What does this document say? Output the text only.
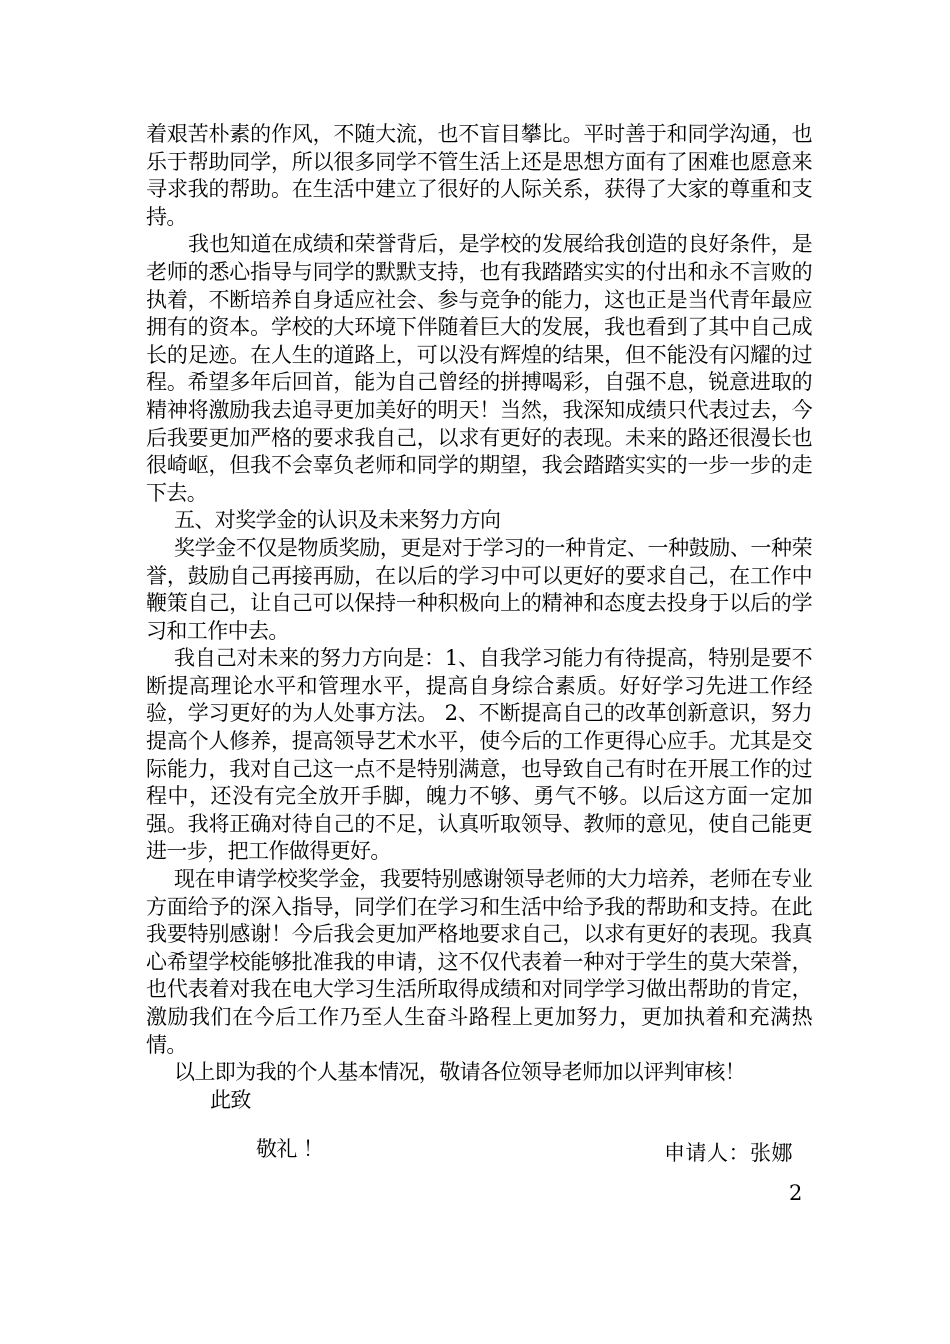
着艰苦朴素的作风，不随大流，也不盲目攀比。平时善于和同学沟通，也乐于帮助同学，所以很多同学不管生活上还是思想方面有了困难也愿意来寻求我的帮助。在生活中建立了很好的人际关系，获得了大家的尊重和支持。

我也知道在成绩和荣誉背后，是学校的发展给我创造的良好条件，是老师的悉心指导与同学的默默支持，也有我踏踏实实的付出和永不言败的执着，不断培养自身适应社会、参与竞争的能力，这也正是当代青年最应拥有的资本。学校的大环境下伴随着巨大的发展，我也看到了其中自己成长的足迹。在人生的道路上，可以没有辉煌的结果，但不能没有闪耀的过程。希望多年后回首，能为自己曾经的拼搏喝彩，自强不息，锐意进取的精神将激励我去追寻更加美好的明天！当然，我深知成绩只代表过去，今后我要更加严格的要求我自己，以求有更好的表现。未来的路还很漫长也很崎岖，但我不会辜负老师和同学的期望，我会踏踏实实的一步一步的走下去。

五、对奖学金的认识及未来努力方向

奖学金不仅是物质奖励，更是对于学习的一种肯定、一种鼓励、一种荣誉，鼓励自己再接再励，在以后的学习中可以更好的要求自己，在工作中鞭策自己，让自己可以保持一种积极向上的精神和态度去投身于以后的学习和工作中去。

我自己对未来的努力方向是：1、自我学习能力有待提高，特别是要不断提高理论水平和管理水平，提高自身综合素质。好好学习先进工作经验，学习更好的为人处事方法。 2、不断提高自己的改革创新意识，努力提高个人修养，提高领导艺术水平，使今后的工作更得心应手。尤其是交际能力，我对自己这一点不是特别满意，也导致自己有时在开展工作的过程中，还没有完全放开手脚，魄力不够、勇气不够。以后这方面一定加强。我将正确对待自己的不足，认真听取领导、教师的意见，使自己能更进一步，把工作做得更好。

现在申请学校奖学金，我要特别感谢领导老师的大力培养，老师在专业方面给予的深入指导，同学们在学习和生活中给予我的帮助和支持。在此我要特别感谢！今后我会更加严格地要求自己，以求有更好的表现。我真心希望学校能够批准我的申请，这不仅代表着一种对于学生的莫大荣誉，也代表着对我在电大学习生活所取得成绩和对同学学习做出帮助的肯定，激励我们在今后工作乃至人生奋斗路程上更加努力，更加执着和充满热情。

以上即为我的个人基本情况，敬请各位领导老师加以评判审核！

此致

敬礼 ！	申请人：张娜
2
